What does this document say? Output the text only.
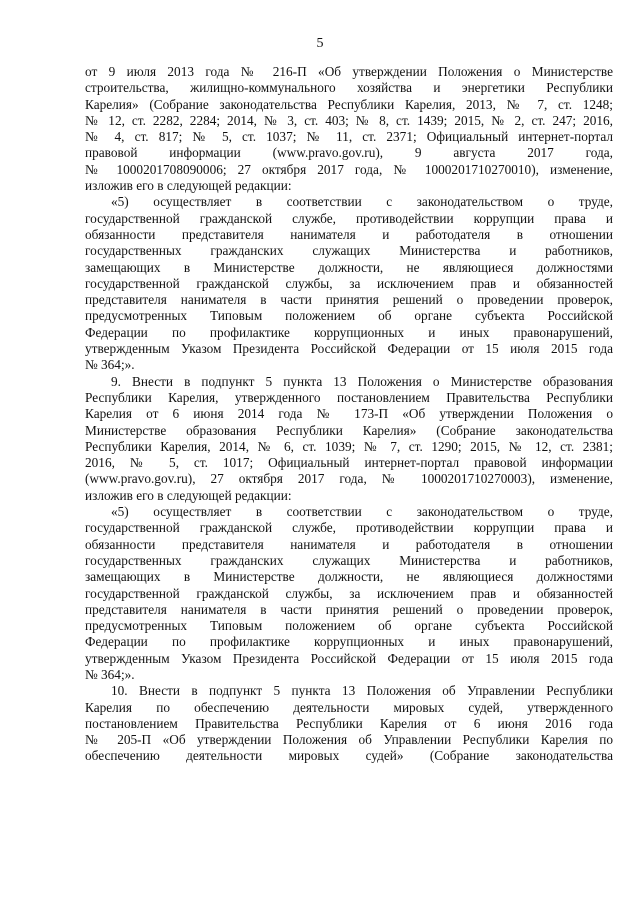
5
от 9 июля 2013 года № 216-П «Об утверждении Положения о Министерстве
строительства, жилищно-коммунального хозяйства и энергетики Республики
Карелия» (Собрание законодательства Республики Карелия, 2013, № 7, ст. 1248;
№ 12, ст. 2282, 2284; 2014, № 3, ст. 403; № 8, ст. 1439; 2015, № 2, ст. 247; 2016,
№ 4, ст. 817; № 5, ст. 1037; № 11, ст. 2371; Официальный интернет-портал
правовой информации (www.pravo.gov.ru), 9 августа 2017 года,
№ 1000201708090006; 27 октября 2017 года, № 1000201710270010), изменение,
изложив его в следующей редакции:
«5) осуществляет в соответствии с законодательством о труде,
государственной гражданской службе, противодействии коррупции права и
обязанности представителя нанимателя и работодателя в отношении
государственных гражданских служащих Министерства и работников,
замещающих в Министерстве должности, не являющиеся должностями
государственной гражданской службы, за исключением прав и обязанностей
представителя нанимателя в части принятия решений о проведении проверок,
предусмотренных Типовым положением об органе субъекта Российской
Федерации по профилактике коррупционных и иных правонарушений,
утвержденным Указом Президента Российской Федерации от 15 июля 2015 года
№ 364;».
9. Внести в подпункт 5 пункта 13 Положения о Министерстве образования
Республики Карелия, утвержденного постановлением Правительства Республики
Карелия от 6 июня 2014 года № 173-П «Об утверждении Положения о
Министерстве образования Республики Карелия» (Собрание законодательства
Республики Карелия, 2014, № 6, ст. 1039; № 7, ст. 1290; 2015, № 12, ст. 2381;
2016, № 5, ст. 1017; Официальный интернет-портал правовой информации
(www.pravo.gov.ru), 27 октября 2017 года, № 1000201710270003), изменение,
изложив его в следующей редакции:
«5) осуществляет в соответствии с законодательством о труде,
государственной гражданской службе, противодействии коррупции права и
обязанности представителя нанимателя и работодателя в отношении
государственных гражданских служащих Министерства и работников,
замещающих в Министерстве должности, не являющиеся должностями
государственной гражданской службы, за исключением прав и обязанностей
представителя нанимателя в части принятия решений о проведении проверок,
предусмотренных Типовым положением об органе субъекта Российской
Федерации по профилактике коррупционных и иных правонарушений,
утвержденным Указом Президента Российской Федерации от 15 июля 2015 года
№ 364;».
10. Внести в подпункт 5 пункта 13 Положения об Управлении Республики
Карелия по обеспечению деятельности мировых судей, утвержденного
постановлением Правительства Республики Карелия от 6 июня 2016 года
№ 205-П «Об утверждении Положения об Управлении Республики Карелия по
обеспечению деятельности мировых судей» (Собрание законодательства
